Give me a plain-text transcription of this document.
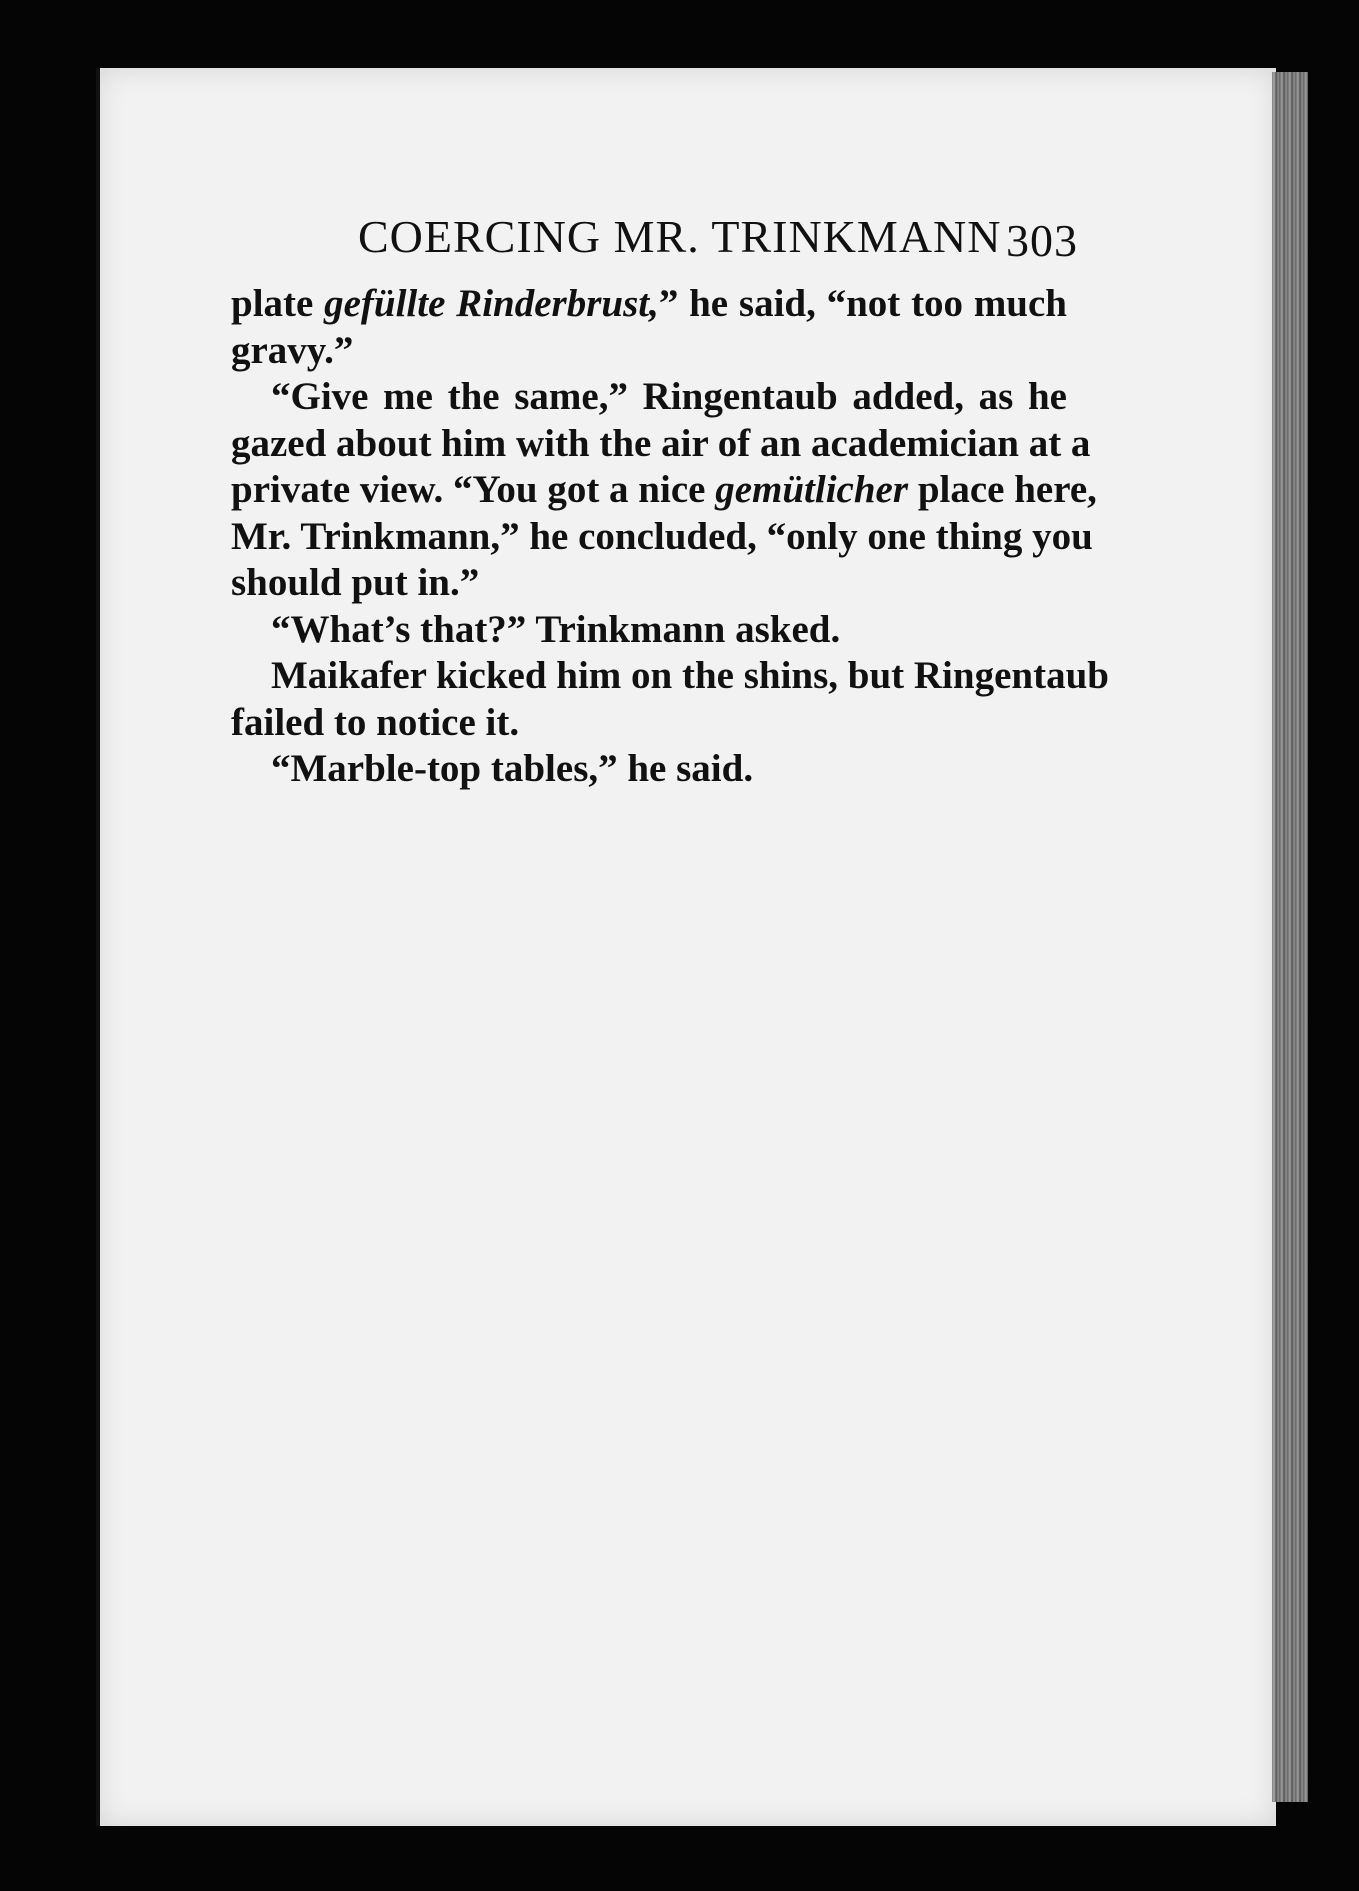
COERCING MR. TRINKMANN 303
plate gefüllte Rinderbrust,” he said, “not too much
gravy.”
“Give me the same,” Ringentaub added, as he
gazed about him with the air of an academician at a
private view. “You got a nice gemütlicher place here,
Mr. Trinkmann,” he concluded, “only one thing you
should put in.”
“What’s that?” Trinkmann asked.
Maikafer kicked him on the shins, but Ringentaub
failed to notice it.
“Marble-top tables,” he said.
